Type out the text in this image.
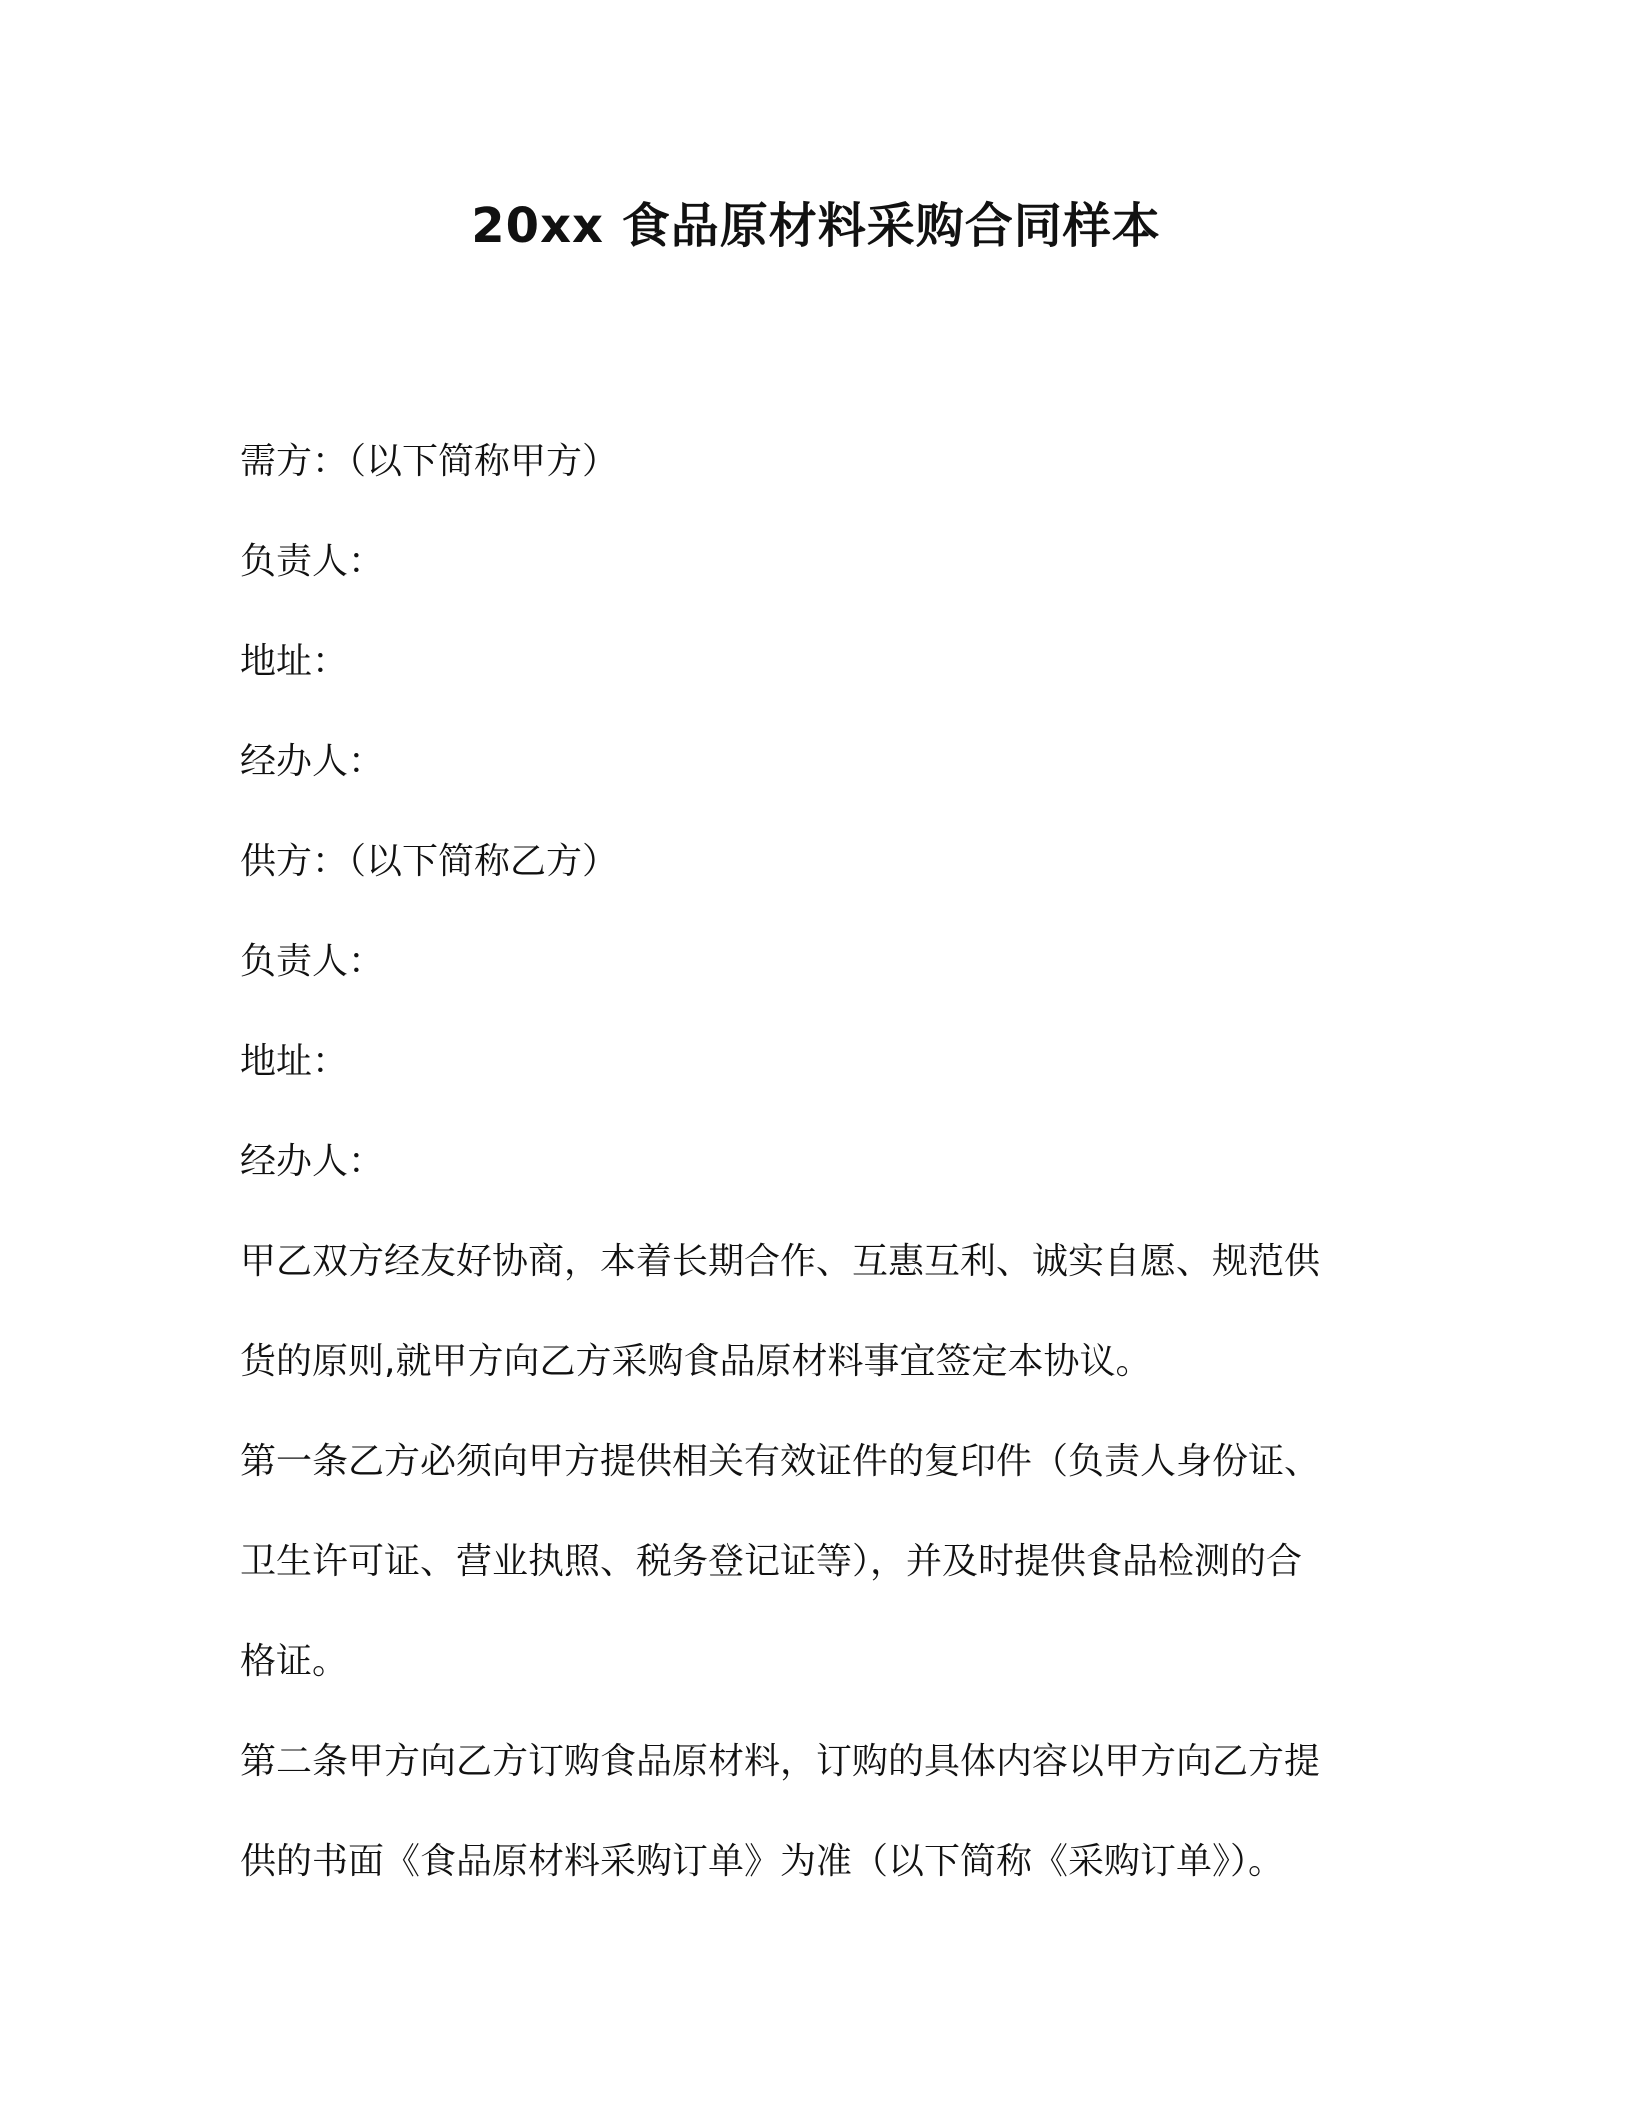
20xx 食品原材料采购合同样本
需方：（以下简称甲方）
负责人：
地址：
经办人：
供方：（以下简称乙方）
负责人：
地址：
经办人：
甲乙双方经友好协商，本着长期合作、互惠互利、诚实自愿、规范供
货的原则,就甲方向乙方采购食品原材料事宜签定本协议。
第一条乙方必须向甲方提供相关有效证件的复印件（负责人身份证、
卫生许可证、营业执照、税务登记证等），并及时提供食品检测的合
格证。
第二条甲方向乙方订购食品原材料，订购的具体内容以甲方向乙方提
供的书面《食品原材料采购订单》为准（以下简称《采购订单》）。
